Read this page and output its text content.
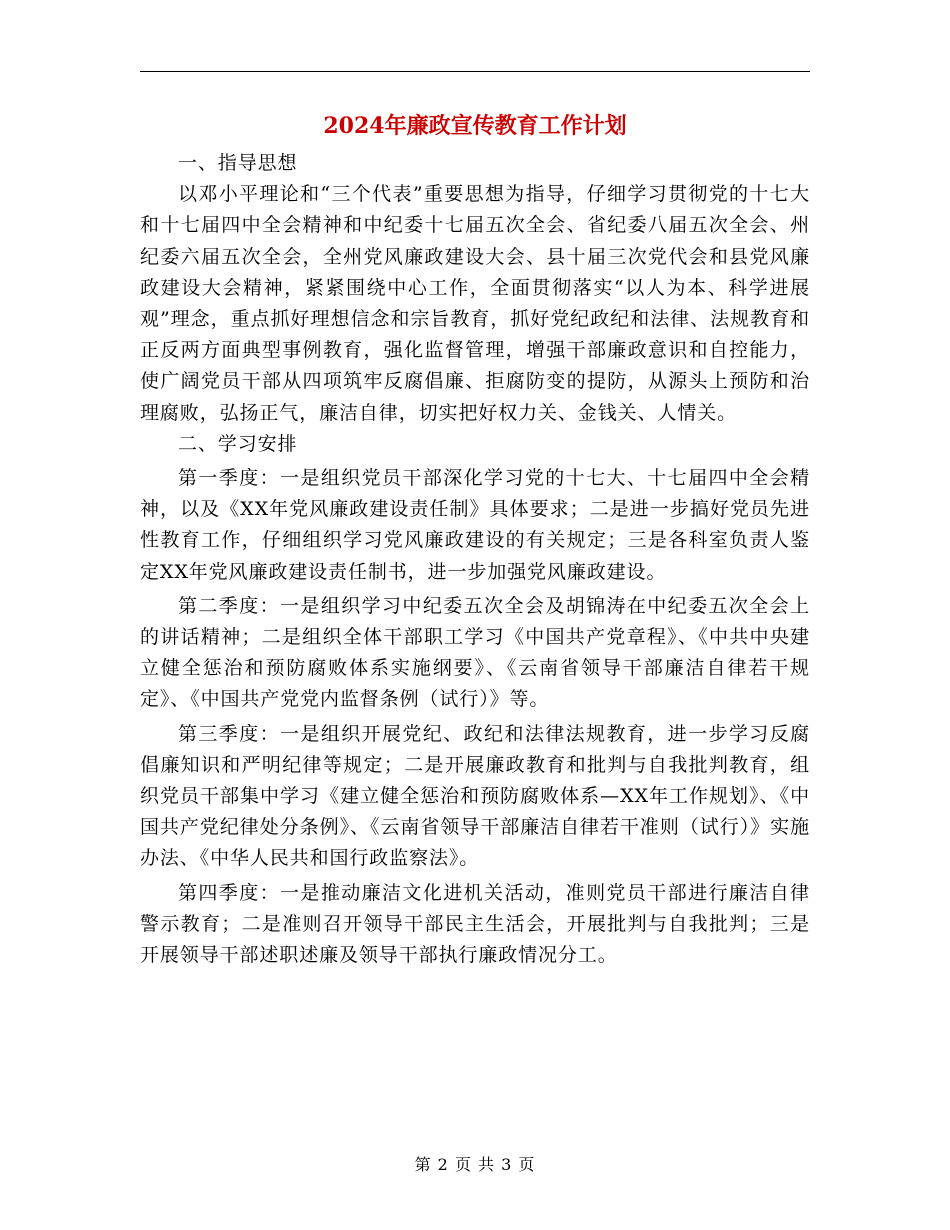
2024年廉政宣传教育工作计划

一、指导思想

以邓小平理论和“三个代表”重要思想为指导，仔细学习贯彻党的十七大和十七届四中全会精神和中纪委十七届五次全会、省纪委八届五次全会、州纪委六届五次全会，全州党风廉政建设大会、县十届三次党代会和县党风廉政建设大会精神，紧紧围绕中心工作，全面贯彻落实“以人为本、科学进展观”理念，重点抓好理想信念和宗旨教育，抓好党纪政纪和法律、法规教育和正反两方面典型事例教育，强化监督管理，增强干部廉政意识和自控能力，使广阔党员干部从四项筑牢反腐倡廉、拒腐防变的提防，从源头上预防和治理腐败，弘扬正气，廉洁自律，切实把好权力关、金钱关、人情关。

二、学习安排

第一季度：一是组织党员干部深化学习党的十七大、十七届四中全会精神，以及《XX年党风廉政建设责任制》具体要求；二是进一步搞好党员先进性教育工作，仔细组织学习党风廉政建设的有关规定；三是各科室负责人鉴定XX年党风廉政建设责任制书，进一步加强党风廉政建设。

第二季度：一是组织学习中纪委五次全会及胡锦涛在中纪委五次全会上的讲话精神；二是组织全体干部职工学习《中国共产党章程》、《中共中央建立健全惩治和预防腐败体系实施纲要》、《云南省领导干部廉洁自律若干规定》、《中国共产党党内监督条例（试行）》等。

第三季度：一是组织开展党纪、政纪和法律法规教育，进一步学习反腐倡廉知识和严明纪律等规定；二是开展廉政教育和批判与自我批判教育，组织党员干部集中学习《建立健全惩治和预防腐败体系—XX年工作规划》、《中国共产党纪律处分条例》、《云南省领导干部廉洁自律若干准则（试行）》实施办法、《中华人民共和国行政监察法》。

第四季度：一是推动廉洁文化进机关活动，准则党员干部进行廉洁自律警示教育；二是准则召开领导干部民主生活会，开展批判与自我批判；三是开展领导干部述职述廉及领导干部执行廉政情况分工。

第 2 页 共 3 页
